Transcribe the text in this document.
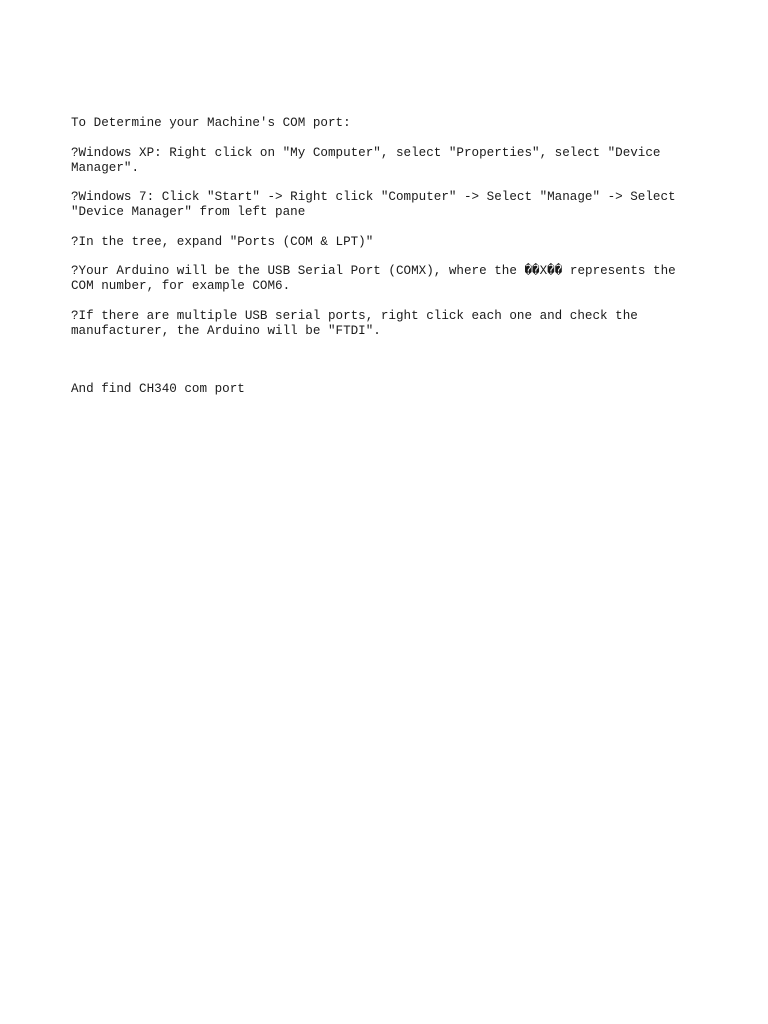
To Determine your Machine's COM port:

?Windows XP: Right click on "My Computer", select "Properties", select "Device Manager".

?Windows 7: Click "Start" -> Right click "Computer" -> Select "Manage" -> Select "Device Manager" from left pane

?In the tree, expand "Ports (COM & LPT)"

?Your Arduino will be the USB Serial Port (COMX), where the ��X�� represents the COM number, for example COM6.

?If there are multiple USB serial ports, right click each one and check the manufacturer, the Arduino will be "FTDI".

And find CH340 com port
